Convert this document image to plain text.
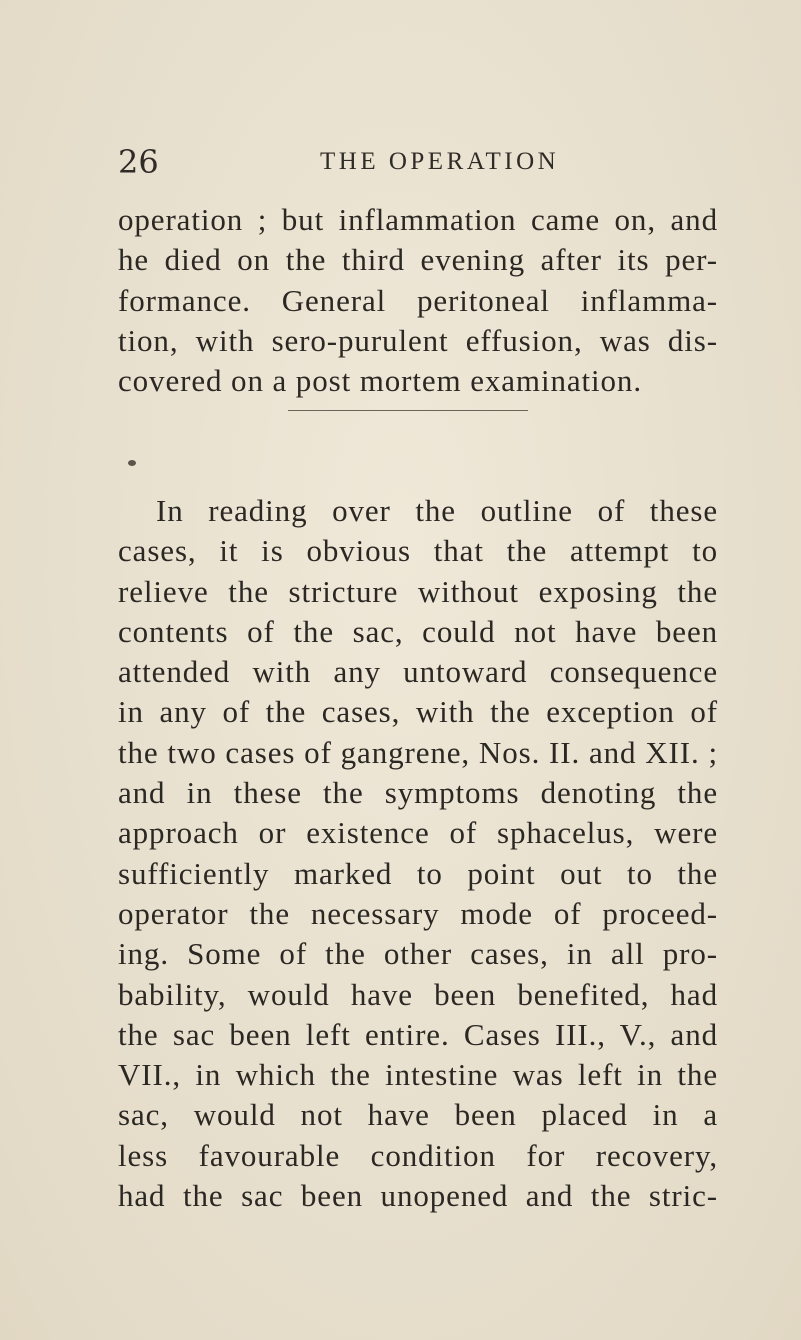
26	THE OPERATION
operation ; but inflammation came on, and
he died on the third evening after its per-
formance. General peritoneal inflamma-
tion, with sero-purulent effusion, was dis-
covered on a post mortem examination.
In reading over the outline of these
cases, it is obvious that the attempt to
relieve the stricture without exposing the
contents of the sac, could not have been
attended with any untoward consequence
in any of the cases, with the exception of
the two cases of gangrene, Nos. II. and XII. ;
and in these the symptoms denoting the
approach or existence of sphacelus, were
sufficiently marked to point out to the
operator the necessary mode of proceed-
ing. Some of the other cases, in all pro-
bability, would have been benefited, had
the sac been left entire. Cases III., V., and
VII., in which the intestine was left in the
sac, would not have been placed in a
less favourable condition for recovery,
had the sac been unopened and the stric-
